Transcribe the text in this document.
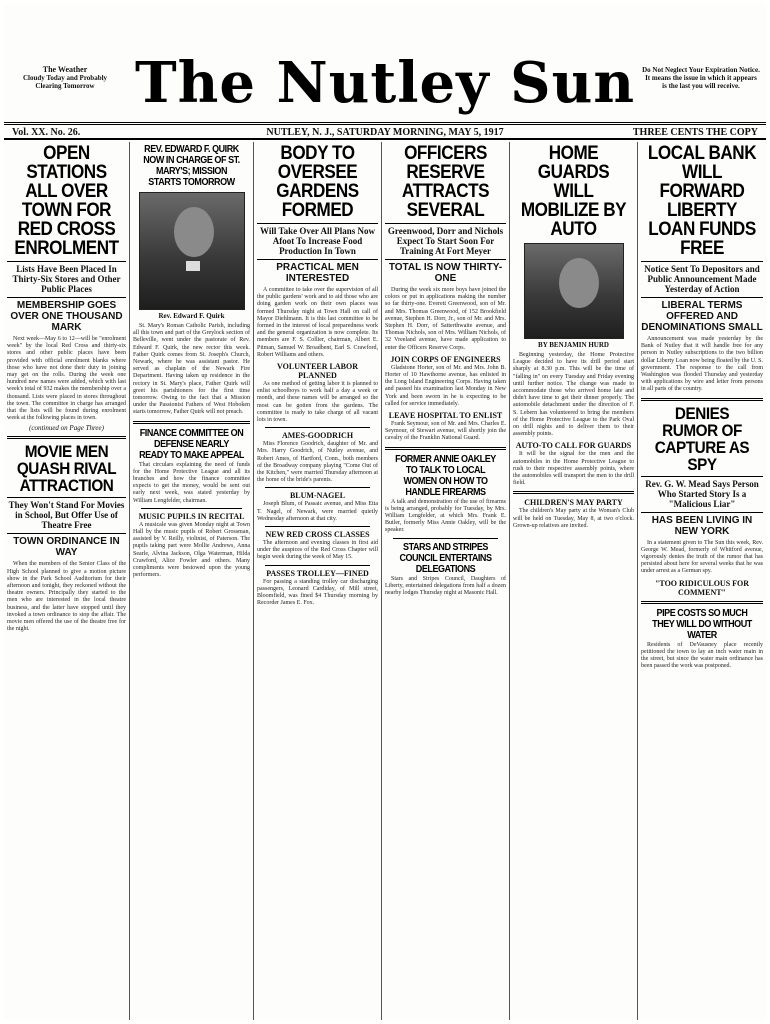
The Weather
Cloudy Today and Probably Clearing Tomorrow The Nutley Sun	Do Not Neglect Your Expiration Notice. It means the issue in which it appears is the last you will receive.
Vol. XX. No. 26.	NUTLEY, N. J., SATURDAY MORNING, MAY 5, 1917	THREE CENTS THE COPY
OPEN STATIONS ALL OVER TOWN FOR RED CROSS ENROLMENT
Lists Have Been Placed In Thirty-Six Stores and Other Public Places
MEMBERSHIP GOES OVER ONE THOUSAND MARK

Next week—May 6 to 12—will be "enrolment week" by the local Red Cross and thirty-six stores and other public places have been provided with official enrolment blanks where those who have not done their duty in joining may get on the rolls. During the week one hundred new names were added, which with last week's total of 932 makes the membership over a thousand. Lists were placed in stores throughout the town. The committee in charge has arranged that the lists will be found during enrolment week at the following places in town.

(continued on Page Three)
MOVIE MEN QUASH RIVAL ATTRACTION
They Won't Stand For Movies in School, But Offer Use of Theatre Free
TOWN ORDINANCE IN WAY

When the members of the Senior Class of the High School planned to give a motion picture show in the Park School Auditorium for their afternoon and tonight, they reckoned without the theatre owners. Principally they started to the men who are interested in the local theatre business, and the latter have stopped until they invoked a town ordinance to stop the affair. The movie men offered the use of the theatre free for the night.

REV. EDWARD F. QUIRK NOW IN CHARGE OF ST. MARY'S; MISSION STARTS TOMORROW
Rev. Edward F. Quirk

St. Mary's Roman Catholic Parish, including all this town and part of the Greylock section of Belleville, went under the pastorate of Rev. Edward F. Quirk, the new rector this week. Father Quirk comes from St. Joseph's Church, Newark, where he was assistant pastor. He served as chaplain of the Newark Fire Department. Having taken up residence in the rectory in St. Mary's place, Father Quirk will greet his parishioners for the first time tomorrow. Owing to the fact that a Mission under the Passionist Fathers of West Hoboken starts tomorrow, Father Quirk will not preach.

FINANCE COMMITTEE ON DEFENSE NEARLY READY TO MAKE APPEAL

That circulars explaining the need of funds for the Home Protective League and all its branches and how the finance committee expects to get the money, would be sent out early next week, was stated yesterday by William Lengfelder, chairman.

MUSIC PUPILS IN RECITAL

A musicale was given Monday night at Town Hall by the music pupils of Robert Grossman, assisted by V. Reilly, violinist, of Paterson. The pupils taking part were Mollie Andrews, Anna Searle, Alvina Jackson, Olga Waterman, Hilda Crawford, Alice Fowler and others. Many compliments were bestowed upon the young performers.

BODY TO OVERSEE GARDENS FORMED
Will Take Over All Plans Now Afoot To Increase Food Production In Town
PRACTICAL MEN INTERESTED

A committee to take over the supervision of all the public gardens' work and to aid those who are doing garden work on their own places was formed Thursday night at Town Hall on call of Mayor Diehlmann. It is this last committee to be formed in the interest of local preparedness work and the general organization is now complete. Its members are F. S. Collier, chairman, Albert E. Pitman, Samuel W. Broadbent, Earl S. Crawford, Robert Williams and others.

VOLUNTEER LABOR PLANNED

As one method of getting labor it is planned to enlist schoolboys to work half a day a week or month, and these names will be arranged so the most can be gotten from the gardens. The committee is ready to take charge of all vacant lots in town.

AMES-GOODRICH

Miss Florence Goodrich, daughter of Mr. and Mrs. Harry Goodrich, of Nutley avenue, and Robert Ames, of Hartford, Conn., both members of the Broadway company playing "Come Out of the Kitchen," were married Thursday afternoon at the home of the bride's parents.

BLUM-NAGEL

Joseph Blum, of Passaic avenue, and Miss Etta T. Nagel, of Newark, were married quietly Wednesday afternoon at that city.

NEW RED CROSS CLASSES

The afternoon and evening classes in first aid under the auspices of the Red Cross Chapter will begin week during the week of May 15.

PASSES TROLLEY—FINED

For passing a standing trolley car discharging passengers, Leonard Cardiday, of Mill street, Bloomfield, was fined $4 Thursday morning by Recorder James E. Fox.

OFFICERS RESERVE ATTRACTS SEVERAL
Greenwood, Dorr and Nichols Expect To Start Soon For Training At Fort Meyer
TOTAL IS NOW THIRTY-ONE

During the week six more boys have joined the colors or put in applications making the number so far thirty-one. Everett Greenwood, son of Mr. and Mrs. Thomas Greenwood, of 152 Brookfield avenue, Stephen H. Dorr, Jr., son of Mr. and Mrs. Stephen H. Dorr, of Satterthwaite avenue, and Thomas Nichols, son of Mrs. William Nichols, of 32 Vreeland avenue, have made application to enter the Officers Reserve Corps.

JOIN CORPS OF ENGINEERS

Gladstone Horter, son of Mr. and Mrs. John B. Horter of 10 Hawthorne avenue, has enlisted in the Long Island Engineering Corps. Having taken and passed his examination last Monday in New York and been sworn in he is expecting to be called for service immediately.

LEAVE HOSPITAL TO ENLIST

Frank Seymour, son of Mr. and Mrs. Charles E. Seymour, of Stewart avenue, will shortly join the cavalry of the Franklin National Guard.

FORMER ANNIE OAKLEY TO TALK TO LOCAL WOMEN ON HOW TO HANDLE FIREARMS

A talk and demonstration of the use of firearms is being arranged, probably for Tuesday, by Mrs. William Lengfelder, at which Mrs. Frank E. Butler, formerly Miss Annie Oakley, will be the speaker.

STARS AND STRIPES COUNCIL ENTERTAINS DELEGATIONS

Stars and Stripes Council, Daughters of Liberty, entertained delegations from half a dozen nearby lodges Thursday night at Masonic Hall.

HOME GUARDS WILL MOBILIZE BY AUTO
BY BENJAMIN HURD

Beginning yesterday, the Home Protective League decided to have its drill period start sharply at 8.30 p.m. This will be the time of "falling in" on every Tuesday and Friday evening until further notice. The change was made to accommodate those who arrived home late and didn't have time to get their dinner properly. The automobile detachment under the direction of F. S. Lebern has volunteered to bring the members of the Home Protective League to the Park Oval on drill nights and to deliver them to their assembly points.

AUTO-TO CALL FOR GUARDS

It will be the signal for the men and the automobiles in the Home Protective League to rush to their respective assembly points, where the automobiles will transport the men to the drill field.

CHILDREN'S MAY PARTY

The children's May party at the Woman's Club will be held on Tuesday, May 8, at two o'clock. Grown-up relatives are invited.

LOCAL BANK WILL FORWARD LIBERTY LOAN FUNDS FREE
Notice Sent To Depositors and Public Announcement Made Yesterday of Action
LIBERAL TERMS OFFERED AND DENOMINATIONS SMALL

Announcement was made yesterday by the Bank of Nutley that it will handle free for any person in Nutley subscriptions to the two billion dollar Liberty Loan now being floated by the U. S. government. The response to the call from Washington was flooded Thursday and yesterday with applications by wire and letter from persons in all parts of the country.

DENIES RUMOR OF CAPTURE AS SPY
Rev. G. W. Mead Says Person Who Started Story Is a "Malicious Liar"
HAS BEEN LIVING IN NEW YORK

In a statement given to The Sun this week, Rev. George W. Mead, formerly of Whitford avenue, vigorously denies the truth of the rumor that has persisted about here for several weeks that he was under arrest as a German spy.

"TOO RIDICULOUS FOR COMMENT"
PIPE COSTS SO MUCH THEY WILL DO WITHOUT WATER

Residents of DeVausney place recently petitioned the town to lay an inch water main in the street, but since the water main ordinance has been passed the work was postponed.
